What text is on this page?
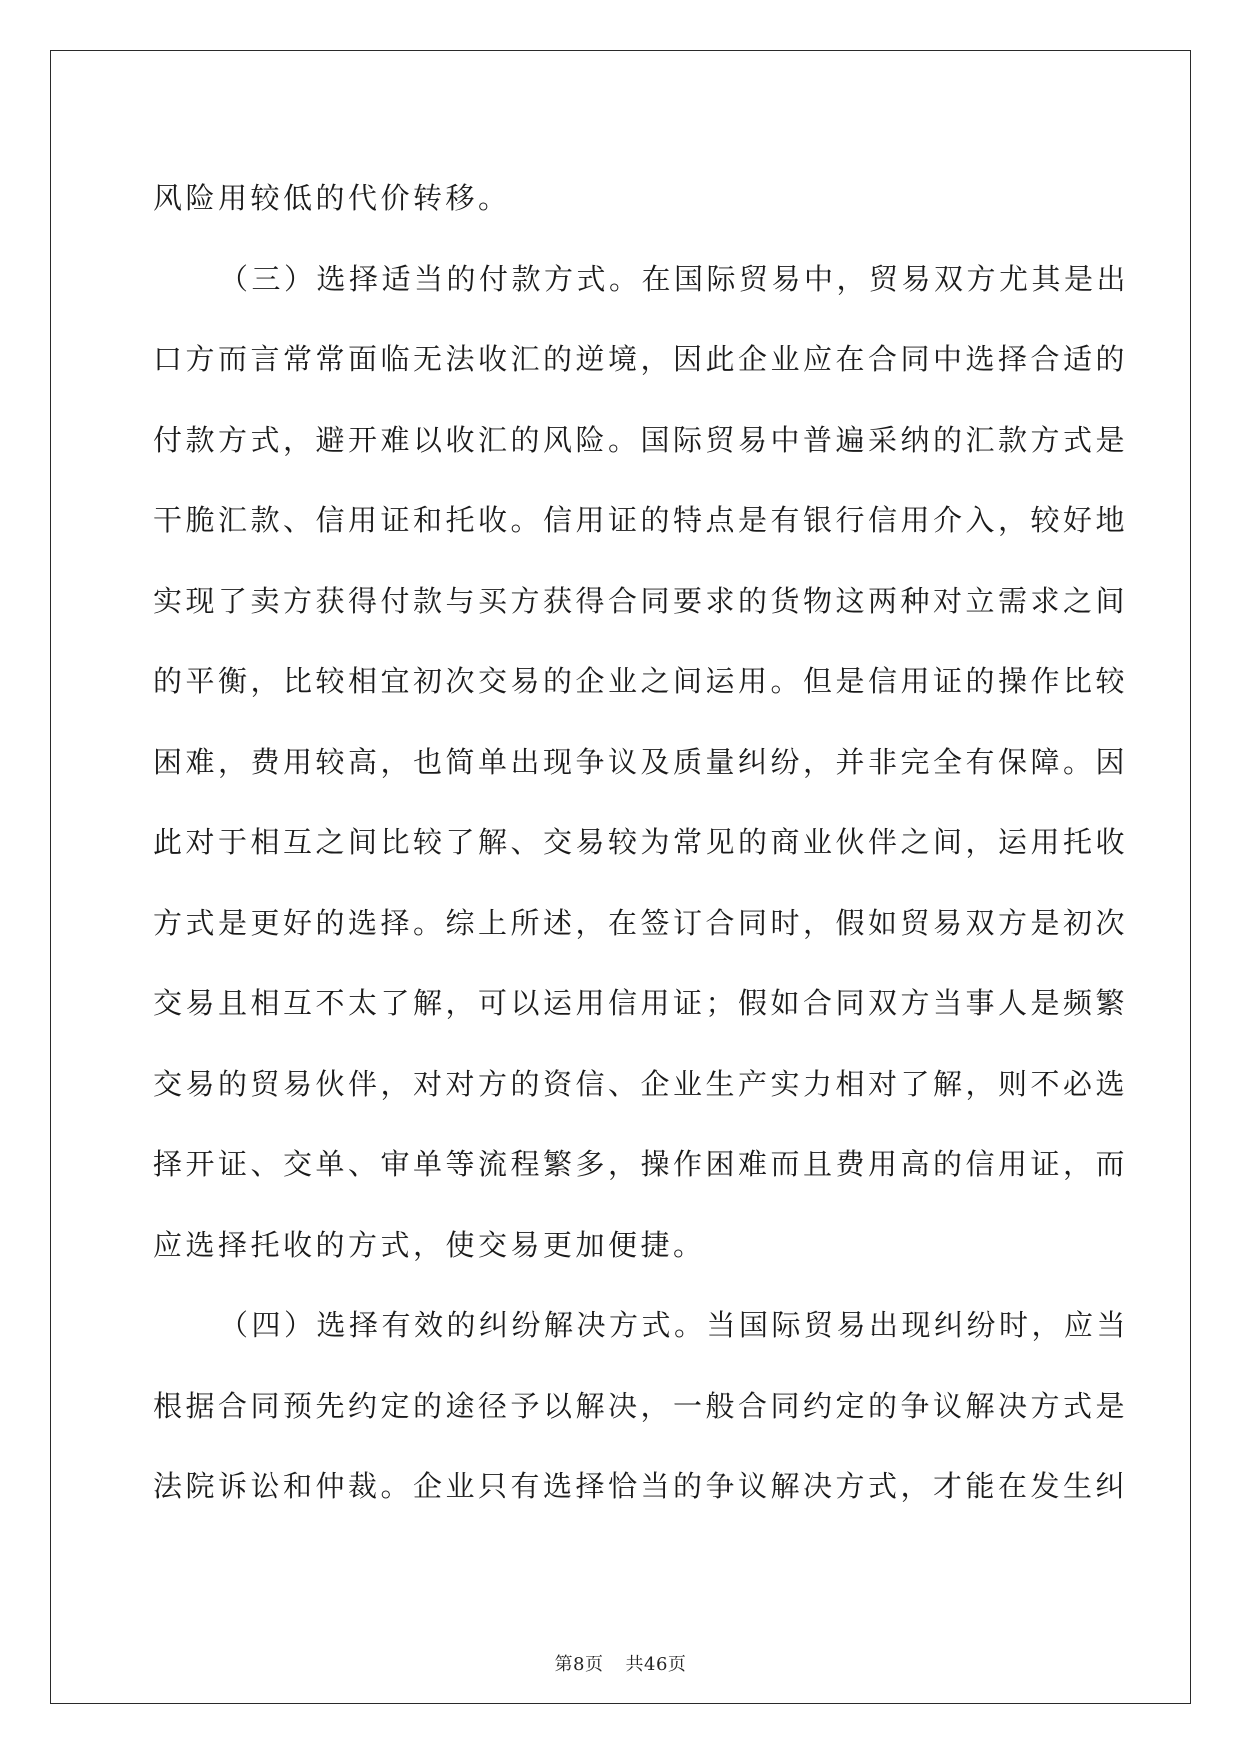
风险用较低的代价转移。

（三）选择适当的付款方式。在国际贸易中，贸易双方尤其是出

口方而言常常面临无法收汇的逆境，因此企业应在合同中选择合适的

付款方式，避开难以收汇的风险。国际贸易中普遍采纳的汇款方式是

干脆汇款、信用证和托收。信用证的特点是有银行信用介入，较好地

实现了卖方获得付款与买方获得合同要求的货物这两种对立需求之间

的平衡，比较相宜初次交易的企业之间运用。但是信用证的操作比较

困难，费用较高，也简单出现争议及质量纠纷，并非完全有保障。因

此对于相互之间比较了解、交易较为常见的商业伙伴之间，运用托收

方式是更好的选择。综上所述，在签订合同时，假如贸易双方是初次

交易且相互不太了解，可以运用信用证；假如合同双方当事人是频繁

交易的贸易伙伴，对对方的资信、企业生产实力相对了解，则不必选

择开证、交单、审单等流程繁多，操作困难而且费用高的信用证，而

应选择托收的方式，使交易更加便捷。

（四）选择有效的纠纷解决方式。当国际贸易出现纠纷时，应当

根据合同预先约定的途径予以解决，一般合同约定的争议解决方式是

法院诉讼和仲裁。企业只有选择恰当的争议解决方式，才能在发生纠

第8页 共46页
